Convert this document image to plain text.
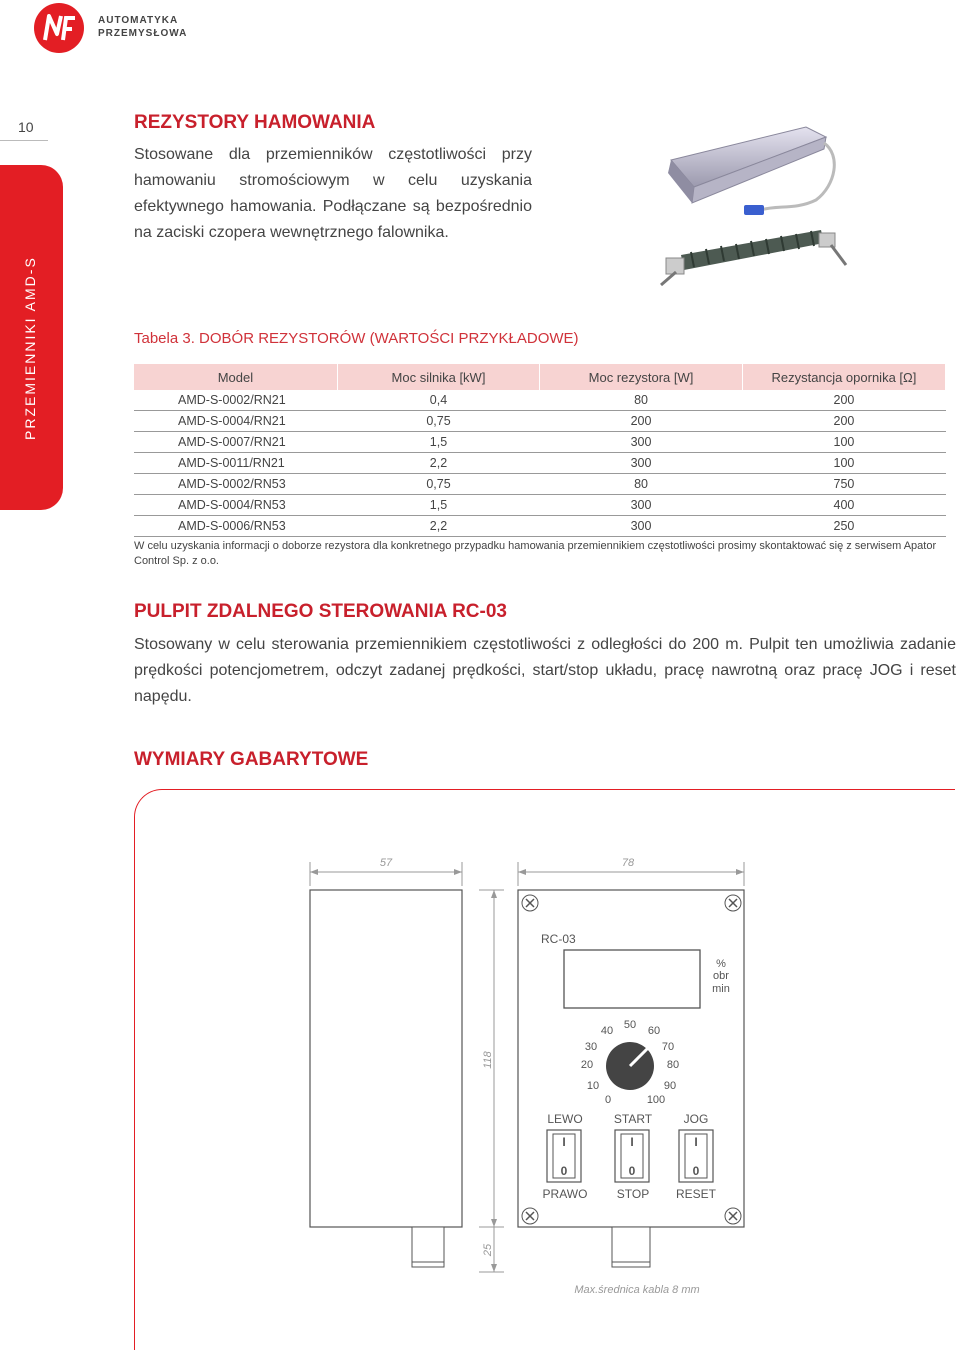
AUTOMATYKA
PRZEMYSŁOWA
10
PRZEMIENNIKI AMD-S
REZYSTORY HAMOWANIA
Stosowane dla przemienników częstotliwości przy hamowaniu stromościowym w celu uzyskania efektywnego hamowania. Podłączane są bezpośrednio na zaciski czopera wewnętrznego falownika.
Tabela 3. DOBÓR REZYSTORÓW (WARTOŚCI PRZYKŁADOWE)
Model	Moc silnika [kW]	Moc rezystora [W]	Rezystancja opornika [Ω]
AMD-S-0002/RN21	0,4	80	200
AMD-S-0004/RN21	0,75	200	200
AMD-S-0007/RN21	1,5	300	100
AMD-S-0011/RN21	2,2	300	100
AMD-S-0002/RN53	0,75	80	750
AMD-S-0004/RN53	1,5	300	400
AMD-S-0006/RN53	2,2	300	250
W celu uzyskania informacji o doborze rezystora dla konkretnego przypadku hamowania przemiennikiem częstotliwości prosimy skontaktować się z serwisem Apator Control Sp. z o.o.
PULPIT ZDALNEGO STEROWANIA RC-03
Stosowany w celu sterowania przemiennikiem częstotliwości z odległości do 200 m. Pulpit ten umożliwia zadanie prędkości potencjometrem, odczyt zadanej prędkości, start/stop układu, pracę nawrotną oraz pracę JOG i reset napędu.
WYMIARY GABARYTOWE
57	78
118
25
RC-03
%
obr
min
0
10
20
30
40 50 60
70
80
90
100
LEWO	START	JOG
PRAWO STOP RESET
I
0
I
0
I
0
Max.średnica kabla 8 mm
